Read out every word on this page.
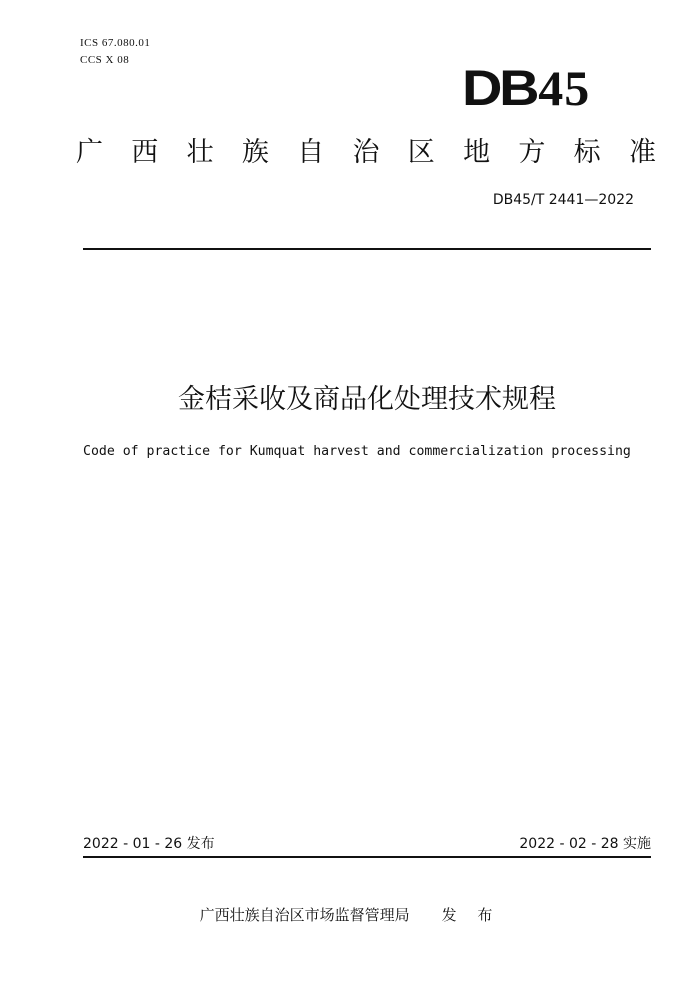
ICS 67.080.01
CCS X 08	DB45
广 西 壮 族 自 治 区 地 方 标 准
DB45/T 2441—2022
金桔采收及商品化处理技术规程
Code of practice for Kumquat harvest and commercialization processing
2022 - 01 - 26 发布	2022 - 02 - 28 实施
广西壮族自治区市场监督管理局 发 布
